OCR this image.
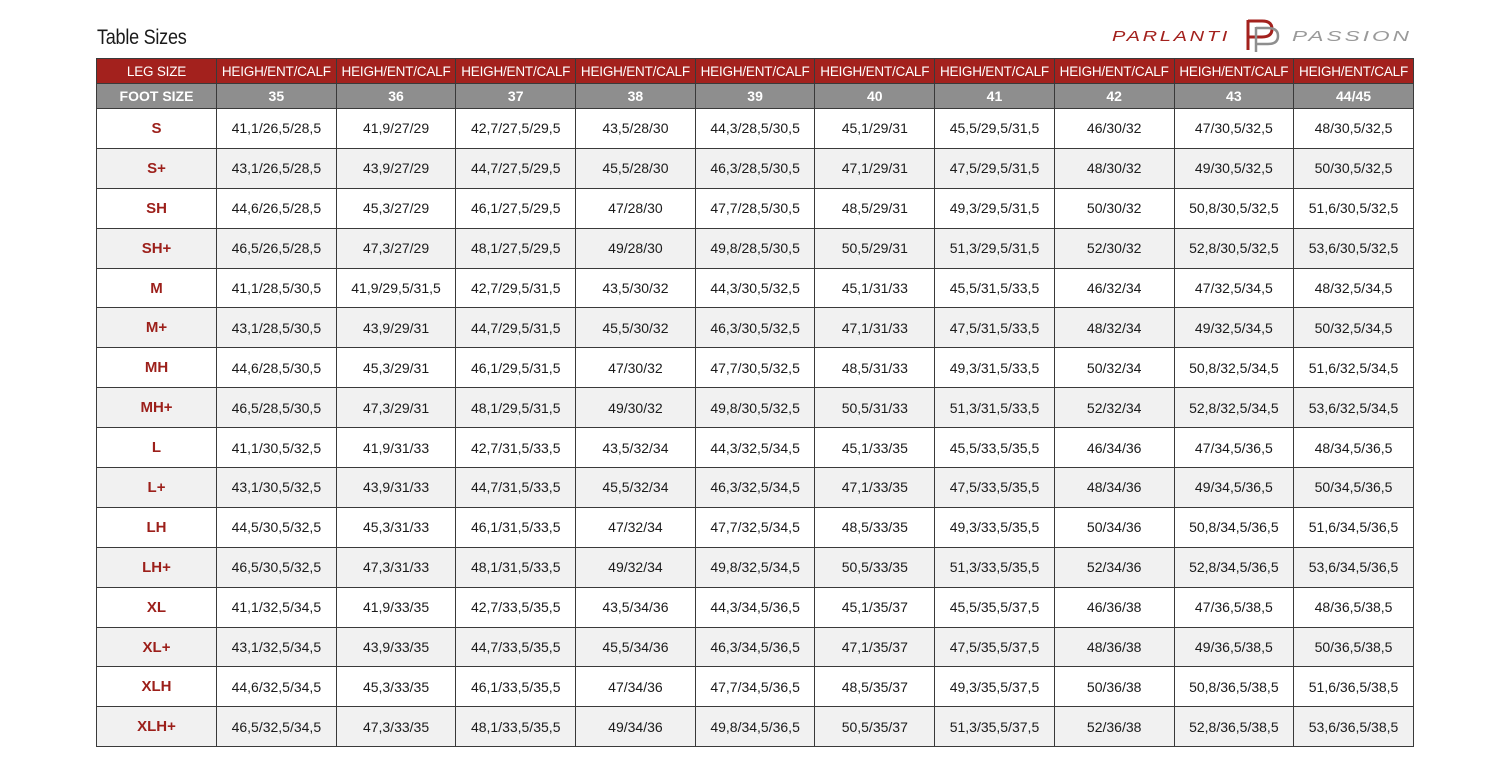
Table Sizes	PARLANTI	PASSION
LEG SIZE	HEIGH/ENT/CALF	HEIGH/ENT/CALF	HEIGH/ENT/CALF	HEIGH/ENT/CALF	HEIGH/ENT/CALF	HEIGH/ENT/CALF	HEIGH/ENT/CALF	HEIGH/ENT/CALF	HEIGH/ENT/CALF	HEIGH/ENT/CALF
FOOT SIZE	35	36	37	38	39	40	41	42	43	44/45
S	41,1/26,5/28,5	41,9/27/29	42,7/27,5/29,5	43,5/28/30	44,3/28,5/30,5	45,1/29/31	45,5/29,5/31,5	46/30/32	47/30,5/32,5	48/30,5/32,5
S+	43,1/26,5/28,5	43,9/27/29	44,7/27,5/29,5	45,5/28/30	46,3/28,5/30,5	47,1/29/31	47,5/29,5/31,5	48/30/32	49/30,5/32,5	50/30,5/32,5
SH	44,6/26,5/28,5	45,3/27/29	46,1/27,5/29,5	47/28/30	47,7/28,5/30,5	48,5/29/31	49,3/29,5/31,5	50/30/32	50,8/30,5/32,5	51,6/30,5/32,5
SH+	46,5/26,5/28,5	47,3/27/29	48,1/27,5/29,5	49/28/30	49,8/28,5/30,5	50,5/29/31	51,3/29,5/31,5	52/30/32	52,8/30,5/32,5	53,6/30,5/32,5
M	41,1/28,5/30,5	41,9/29,5/31,5	42,7/29,5/31,5	43,5/30/32	44,3/30,5/32,5	45,1/31/33	45,5/31,5/33,5	46/32/34	47/32,5/34,5	48/32,5/34,5
M+	43,1/28,5/30,5	43,9/29/31	44,7/29,5/31,5	45,5/30/32	46,3/30,5/32,5	47,1/31/33	47,5/31,5/33,5	48/32/34	49/32,5/34,5	50/32,5/34,5
MH	44,6/28,5/30,5	45,3/29/31	46,1/29,5/31,5	47/30/32	47,7/30,5/32,5	48,5/31/33	49,3/31,5/33,5	50/32/34	50,8/32,5/34,5	51,6/32,5/34,5
MH+	46,5/28,5/30,5	47,3/29/31	48,1/29,5/31,5	49/30/32	49,8/30,5/32,5	50,5/31/33	51,3/31,5/33,5	52/32/34	52,8/32,5/34,5	53,6/32,5/34,5
L	41,1/30,5/32,5	41,9/31/33	42,7/31,5/33,5	43,5/32/34	44,3/32,5/34,5	45,1/33/35	45,5/33,5/35,5	46/34/36	47/34,5/36,5	48/34,5/36,5
L+	43,1/30,5/32,5	43,9/31/33	44,7/31,5/33,5	45,5/32/34	46,3/32,5/34,5	47,1/33/35	47,5/33,5/35,5	48/34/36	49/34,5/36,5	50/34,5/36,5
LH	44,5/30,5/32,5	45,3/31/33	46,1/31,5/33,5	47/32/34	47,7/32,5/34,5	48,5/33/35	49,3/33,5/35,5	50/34/36	50,8/34,5/36,5	51,6/34,5/36,5
LH+	46,5/30,5/32,5	47,3/31/33	48,1/31,5/33,5	49/32/34	49,8/32,5/34,5	50,5/33/35	51,3/33,5/35,5	52/34/36	52,8/34,5/36,5	53,6/34,5/36,5
XL	41,1/32,5/34,5	41,9/33/35	42,7/33,5/35,5	43,5/34/36	44,3/34,5/36,5	45,1/35/37	45,5/35,5/37,5	46/36/38	47/36,5/38,5	48/36,5/38,5
XL+	43,1/32,5/34,5	43,9/33/35	44,7/33,5/35,5	45,5/34/36	46,3/34,5/36,5	47,1/35/37	47,5/35,5/37,5	48/36/38	49/36,5/38,5	50/36,5/38,5
XLH	44,6/32,5/34,5	45,3/33/35	46,1/33,5/35,5	47/34/36	47,7/34,5/36,5	48,5/35/37	49,3/35,5/37,5	50/36/38	50,8/36,5/38,5	51,6/36,5/38,5
XLH+	46,5/32,5/34,5	47,3/33/35	48,1/33,5/35,5	49/34/36	49,8/34,5/36,5	50,5/35/37	51,3/35,5/37,5	52/36/38	52,8/36,5/38,5	53,6/36,5/38,5
